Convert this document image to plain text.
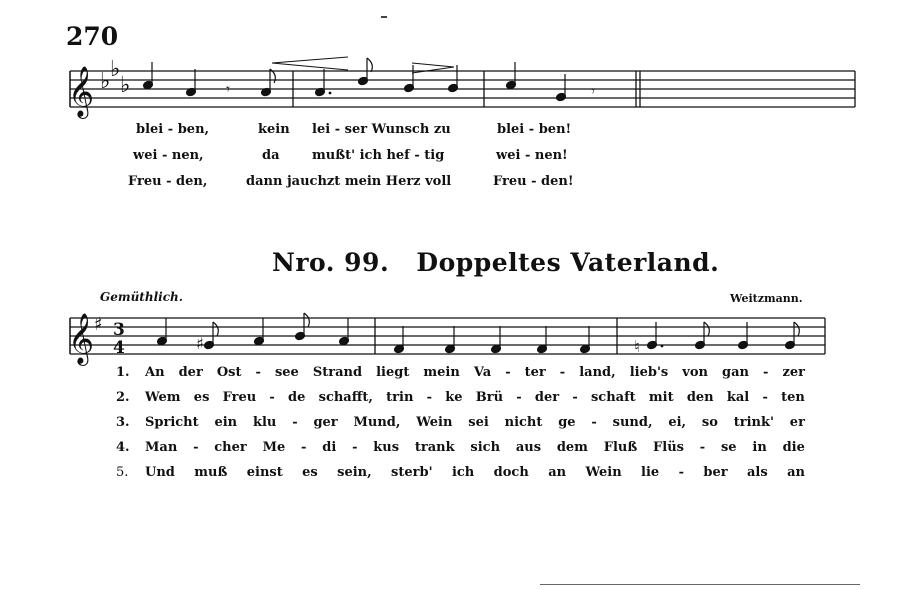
270
𝄞 ♭ ♭
♭	𝄾	𝄾
𝄞 ♯ 3
4	♯	♮
blei - ben,	kein lei - ser Wunsch zu	blei - ben!
wei - nen,	da mußt' ich hef - tig	wei - nen!
Freu - den,	dann jauchzt mein Herz voll	Freu - den!
Nro. 99. Doppeltes Vaterland.
Gemüthlich.	Weitzmann.
1. An der Ost - see Strand liegt mein Va - ter - land, lieb's von gan - zer
2. Wem es Freu - de schafft, trin - ke Brü - der - schaft mit den kal - ten
3. Spricht ein klu - ger Mund, Wein sei nicht ge - sund, ei, so trink' er
4. Man - cher Me - di - kus trank sich aus dem Fluß Flüs - se in die
5. Und muß einst es sein, sterb' ich doch an Wein lie - ber als an
